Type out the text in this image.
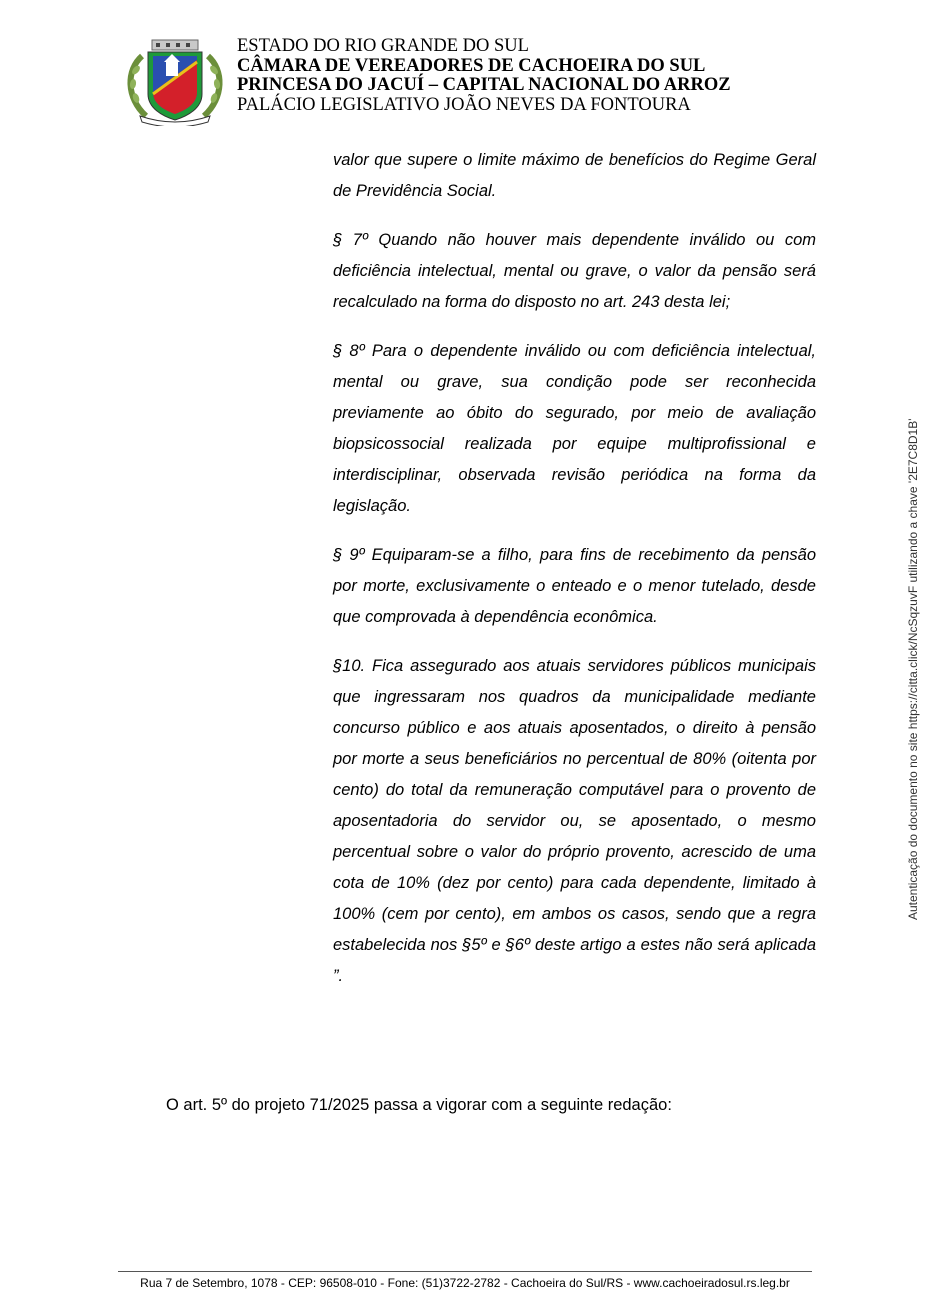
ESTADO DO RIO GRANDE DO SUL
CÂMARA DE VEREADORES DE CACHOEIRA DO SUL
PRINCESA DO JACUÍ – CAPITAL NACIONAL DO ARROZ
PALÁCIO LEGISLATIVO JOÃO NEVES DA FONTOURA

valor que supere o limite máximo de benefícios do Regime Geral de Previdência Social.

§ 7º Quando não houver mais dependente inválido ou com deficiência intelectual, mental ou grave, o valor da pensão será recalculado na forma do disposto no art. 243 desta lei;

§ 8º Para o dependente inválido ou com deficiência intelectual, mental ou grave, sua condição pode ser reconhecida previamente ao óbito do segurado, por meio de avaliação biopsicossocial realizada por equipe multiprofissional e interdisciplinar, observada revisão periódica na forma da legislação.

§ 9º Equiparam-se a filho, para fins de recebimento da pensão por morte, exclusivamente o enteado e o menor tutelado, desde que comprovada à dependência econômica.

§10. Fica assegurado aos atuais servidores públicos municipais que ingressaram nos quadros da municipalidade mediante concurso público e aos atuais aposentados, o direito à pensão por morte a seus beneficiários no percentual de 80% (oitenta por cento) do total da remuneração computável para o provento de aposentadoria do servidor ou, se aposentado, o mesmo percentual sobre o valor do próprio provento, acrescido de uma cota de 10% (dez por cento) para cada dependente, limitado à 100% (cem por cento), em ambos os casos, sendo que a regra estabelecida nos §5º e §6º deste artigo a estes não será aplicada ”.

O art. 5º do projeto 71/2025 passa a vigorar com a seguinte redação:
Autenticação do documento no site https://citta.click/NcSqzuvF utilizando a chave '2E7C8D1B'
Rua 7 de Setembro, 1078 - CEP: 96508-010 - Fone: (51)3722-2782 - Cachoeira do Sul/RS - www.cachoeiradosul.rs.leg.br
